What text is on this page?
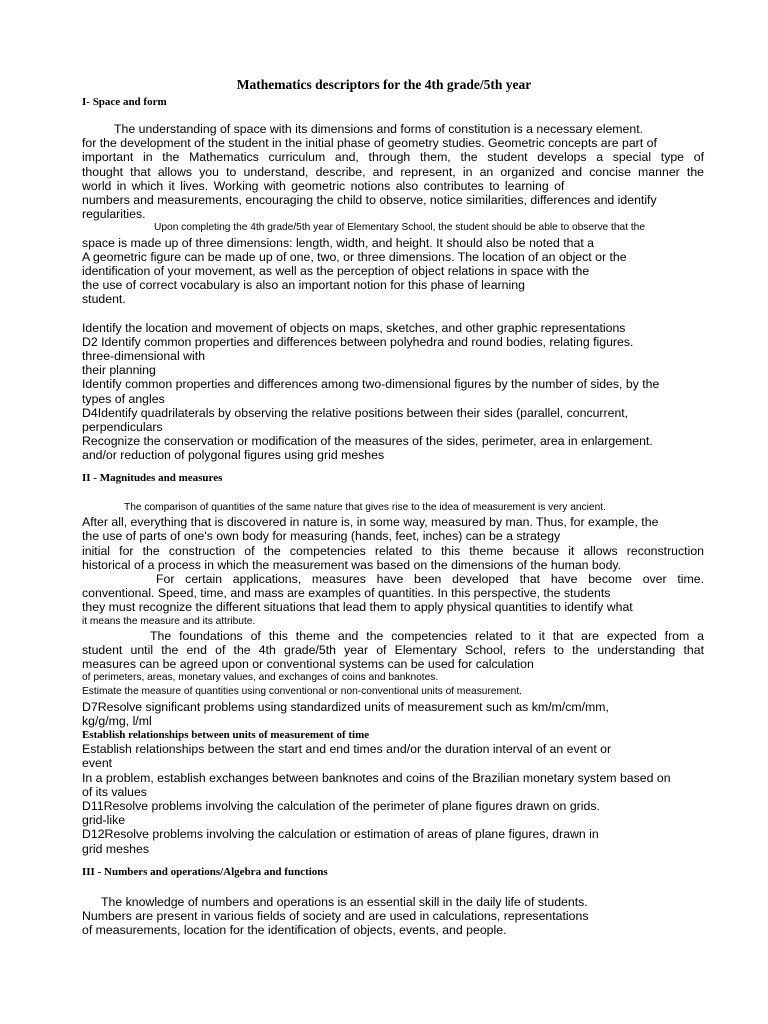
Mathematics descriptors for the 4th grade/5th year
I- Space and form
The understanding of space with its dimensions and forms of constitution is a necessary element.
for the development of the student in the initial phase of geometry studies. Geometric concepts are part of
important in the Mathematics curriculum and, through them, the student develops a special type of
thought that allows you to understand, describe, and represent, in an organized and concise manner the
world in which it lives. Working with geometric notions also contributes to learning of
numbers and measurements, encouraging the child to observe, notice similarities, differences and identify
regularities.
Upon completing the 4th grade/5th year of Elementary School, the student should be able to observe that the
space is made up of three dimensions: length, width, and height. It should also be noted that a
A geometric figure can be made up of one, two, or three dimensions. The location of an object or the
identification of your movement, as well as the perception of object relations in space with the
the use of correct vocabulary is also an important notion for this phase of learning
student.
Identify the location and movement of objects on maps, sketches, and other graphic representations
D2 Identify common properties and differences between polyhedra and round bodies, relating figures.
three-dimensional with
their planning
Identify common properties and differences among two-dimensional figures by the number of sides, by the
types of angles
D4Identify quadrilaterals by observing the relative positions between their sides (parallel, concurrent,
perpendiculars
Recognize the conservation or modification of the measures of the sides, perimeter, area in enlargement.
and/or reduction of polygonal figures using grid meshes
II - Magnitudes and measures
The comparison of quantities of the same nature that gives rise to the idea of measurement is very ancient.
After all, everything that is discovered in nature is, in some way, measured by man. Thus, for example, the
the use of parts of one's own body for measuring (hands, feet, inches) can be a strategy
initial for the construction of the competencies related to this theme because it allows reconstruction
historical of a process in which the measurement was based on the dimensions of the human body.
For certain applications, measures have been developed that have become over time.
conventional. Speed, time, and mass are examples of quantities. In this perspective, the students
they must recognize the different situations that lead them to apply physical quantities to identify what
it means the measure and its attribute.
The foundations of this theme and the competencies related to it that are expected from a
student until the end of the 4th grade/5th year of Elementary School, refers to the understanding that
measures can be agreed upon or conventional systems can be used for calculation
of perimeters, areas, monetary values, and exchanges of coins and banknotes.
Estimate the measure of quantities using conventional or non-conventional units of measurement.
D7Resolve significant problems using standardized units of measurement such as km/m/cm/mm,
kg/g/mg, l/ml
Establish relationships between units of measurement of time
Establish relationships between the start and end times and/or the duration interval of an event or
event
In a problem, establish exchanges between banknotes and coins of the Brazilian monetary system based on
of its values
D11Resolve problems involving the calculation of the perimeter of plane figures drawn on grids.
grid-like
D12Resolve problems involving the calculation or estimation of areas of plane figures, drawn in
grid meshes
III - Numbers and operations/Algebra and functions
The knowledge of numbers and operations is an essential skill in the daily life of students.
Numbers are present in various fields of society and are used in calculations, representations
of measurements, location for the identification of objects, events, and people.
